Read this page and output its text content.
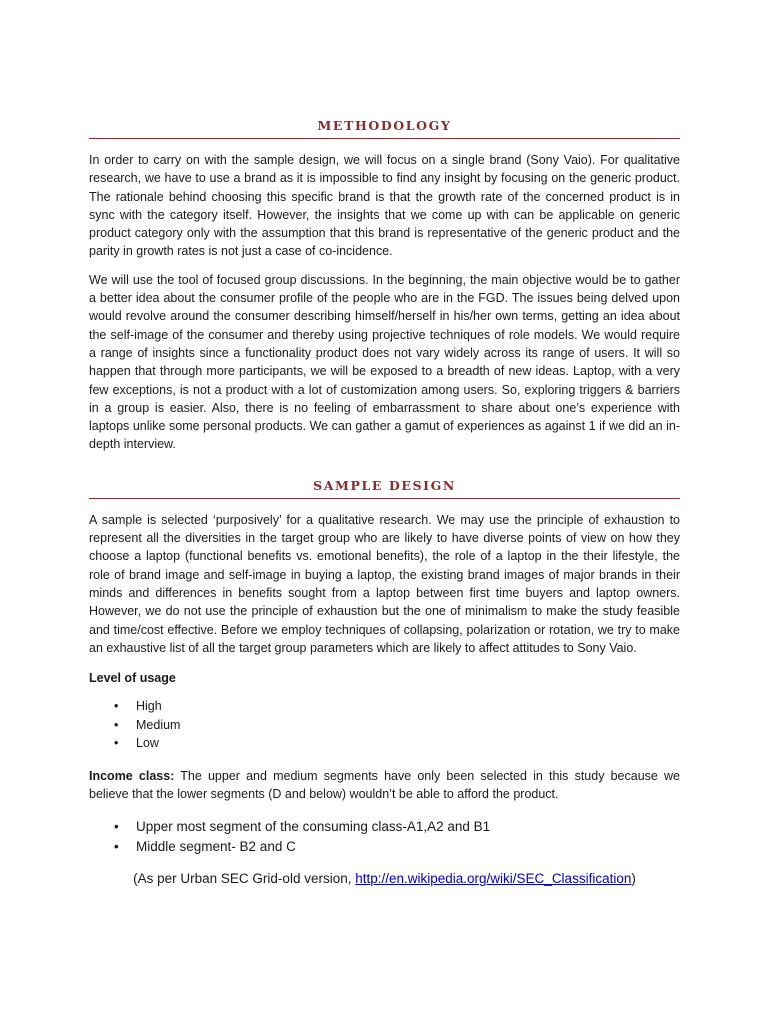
METHODOLOGY

In order to carry on with the sample design, we will focus on a single brand (Sony Vaio). For qualitative research, we have to use a brand as it is impossible to find any insight by focusing on the generic product. The rationale behind choosing this specific brand is that the growth rate of the concerned product is in sync with the category itself. However, the insights that we come up with can be applicable on generic product category only with the assumption that this brand is representative of the generic product and the parity in growth rates is not just a case of co-incidence.

We will use the tool of focused group discussions. In the beginning, the main objective would be to gather a better idea about the consumer profile of the people who are in the FGD. The issues being delved upon would revolve around the consumer describing himself/herself in his/her own terms, getting an idea about the self-image of the consumer and thereby using projective techniques of role models. We would require a range of insights since a functionality product does not vary widely across its range of users. It will so happen that through more participants, we will be exposed to a breadth of new ideas. Laptop, with a very few exceptions, is not a product with a lot of customization among users. So, exploring triggers & barriers in a group is easier. Also, there is no feeling of embarrassment to share about one’s experience with laptops unlike some personal products. We can gather a gamut of experiences as against 1 if we did an in-depth interview.

SAMPLE DESIGN

A sample is selected ‘purposively’ for a qualitative research. We may use the principle of exhaustion to represent all the diversities in the target group who are likely to have diverse points of view on how they choose a laptop (functional benefits vs. emotional benefits), the role of a laptop in the their lifestyle, the role of brand image and self-image in buying a laptop, the existing brand images of major brands in their minds and differences in benefits sought from a laptop between first time buyers and laptop owners. However, we do not use the principle of exhaustion but the one of minimalism to make the study feasible and time/cost effective. Before we employ techniques of collapsing, polarization or rotation, we try to make an exhaustive list of all the target group parameters which are likely to affect attitudes to Sony Vaio.

Level of usage

• High
• Medium
• Low

Income class: The upper and medium segments have only been selected in this study because we believe that the lower segments (D and below) wouldn’t be able to afford the product.

• Upper most segment of the consuming class-A1,A2 and B1
• Middle segment- B2 and C

(As per Urban SEC Grid-old version, http://en.wikipedia.org/wiki/SEC_Classification)
